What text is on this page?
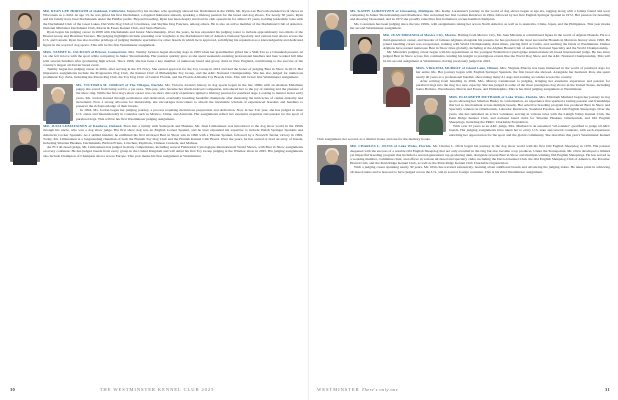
MR. RYAN LEE HORVATH of Oakland, California. Inspired by his mother, who sparingly showed her Dachshund in the 1960s, Mr. Ryan Lee Horvath attended local shows in Wisconsin as a child. At age 13, he was gifted his first Dachshund, a dappled miniature smooth, sparking a lifelong passion for the breed and dog shows. For nearly 30 years, Ryan and his family have bred Dachshunds under the HeMar prefix. Beyond breeding, Ryan has been deeply involved in club operations for almost 25 years, holding leadership roles with the Dachshund Club of the Great Lakes, Del Valle Dog Club of Livermore, and Skyline Dog Fanciers, among others. He is also an active member of the Dachshund Club of America, National Miniature Dachshund Club, Morris & Essex Kennel Club, and Santa Barbara

Ryan began his judging career in 2008 with Dachshunds and Junior Showmanship. Over the years, he has expanded his judging roster to include approximately two-thirds of the Hound Group and Brazilian Terriers. His judging highlights include presiding over longhairs at the Dachshund Club of America National Specialty and various best shows across the U.S. and Canada. Ryan has also had the privilege of judging multiple specialties for other breeds in which he is approved, solidifying his reputation as a knowledgeable and dedicated figure in the world of dog sports. This will be his first Westminster assignment.

MRS. TAMMY K. JACKSON of Bristol, Connecticut. Mrs. Tammy Jackson began showing dogs in 1983 when her grandmother gifted her a Shih Tzu as a Chanukah present. At 14, she fell in love with the sport while competing in Junior Showmanship. Her passion quickly grew as she spent weekends assisting professional handlers and later worked full time with several handlers after graduating high school. Since 1996, she has been a key member of numerous breed and group clubs in New England, contributing to the success of the country's largest all-Terrier breed event.

Tammy began her judging career in 2002, after serving in the US Navy. She earned approval for the Toy Group in 2012 and had the honor of judging Best in Show in 2013. Her impressive assignments include the Progressive Dog Club, the Kennel Club of Philadelphia Toy Group, and the AKC National Championship. She has also judged for numerous prominent Toy clubs, including the Parent Pug Club, the Toy Dog Club of Central Florida, and the Florida Alabama Toy Breeds Club. This will be her first Westminster assignment.

MS. VICTORIA M. JORDAN of The Villages, Florida. Ms. Victoria Jordan's history in dog sports began in the late 1960s with an Alaskan Malamute puppy she saved from being sold to a pet store. This pup, who became her much-beloved companion, introduced her to the joy of training and the pleasure of the show ring. While her first dog's show career was cut short, this early experience ignited a lifelong passion for purebred dogs. Looking to mentor in her early years, Ms. Jordan learned through persistence and dedication, eventually breeding beautiful champions after mastering the intricacies of canine anatomy and movement. Now a strong advocate for mentorship, she encourages newcomers to absorb the invaluable wisdom of experienced breeders and handlers to preserve the rich knowledge of their breeds.

In 1994, Ms. Jordan began her judging journey, a process requiring meticulous preparation and dedication. Now in her 31st year, she has judged in most U.S. states and internationally in countries such as Mexico, China, and Australia. Her assignments reflect her extensive expertise and passion for the sport of purebred dogs. This will be her first Westminster judging assignment.

MR. JUSSI LIIMATAINEN of Kauhava, Finland. Born into a family with Samoyeds and Huskies, Mr. Jussi Liimatainen was introduced to the dog show world in the 1990s through his uncle, who was a dog show judge. His first show dog was an English Cocker Spaniel, and he later expanded his expertise to include Welsh Springer Spaniels and American Cocker Spaniels. As a skilled handler, he exhibited his first all-breed Best in Show win in 1996 with a Tibetan Spaniel, followed by a Norwich Terrier victory in 1999. Today, Mr. Liimatainen is a longstanding chairman of both the Finnish Toy Dog Club and the Finnish Kennel Club Board. Over the years, he has owned or bred an array of breeds, including Siberian Huskies, Dachshunds, Bichon Frises, Löwchen, Papillons, Chinese Cresteds, and Maltese.

An FCI all-breed judge, Mr. Liimatainen has judged in many competitions, including several Fédération Cynologique Internationale World Shows, with Best in Show assignments on every continent. He has judged breeds from every group in the United Kingdom and will debut his first Toy Group judging at the Windsor show in 2025. His judging assignments also include Champion of Champion shows across Europe. This year marks his first assignment at Westminster.

MS. KATHY LORENTZEN of Chesaning, Michigan. Ms. Kathy Lorentzen's journey in the world of dog shows began at age six, tagging along with a family friend and soon competing in Junior Showmanship and Obedience. She welcomed her first Golden Retriever in 1964, followed by her first English Springer Spaniel in 1972. Her passion for breeding and showing blossomed, and in 1972 she proudly raised her first homebred, owner-handled champion.

Ms. Lorentzen has been judging since the late 1990s, with assignments taking her across North America as well as to Australia, China, Japan, and the Philippines. This year marks her second Westminster assignment.

MR. JUAN MIRANDA of Mexico City, Mexico. Hailing from Mexico City, Mr. Juan Miranda is a multibreed figure in the world of Afghan Hounds. He is a third-generation owner, and breeder of famous Afghans alongside his parents, he has produced the most successful Hounds in Mexican history since 1990. He joined handling career was exceptional, training with World Championship dress times, placing third at Crufts, and reaching the finals at Westminster. Dames Afghans have earned numerous Best in Show titles globally, including at the Afghan Hound Club of America National Specialty and the World Championship.

Mr. Miranda's judging career began with his appointment as the youngest Fédération Cynologique Internationale all-breed international judge. He has since judged Best in Show across five continents, lending his insight to prestigious events like the World Dog Show and the AKC National Championship. This will be his second assignment at Westminster, having previously judged in 2022.

MRS. VIRGINIA MURRAY of Island Lake, Illinois. Mrs. Virginia Murray has been immersed in the world of purebred dogs for her entire life. Her journey began with English Springer Spaniels, the first breed she showed. Alongside her husband, Ron, she spent nearly 40 years as a professional handler, showcasing many #1 dogs and earning accolades across the country.

After retiring from handling in 2004, Mrs. Murray transitioned to judging, bringing her extensive experience and passion for purebred dogs into the ring in a new capacity. She has judged at some of the most prestigious dog shows in the United States, including Santa Barbara, Westchester, Morris and Essex, and Philadelphia. This is her third judging assignment at Westminster.

MRS. ELIZABETH MUTHARD of Lake Wales, Florida. Mrs. Elizabeth Muthard began her journey in dog sports showing her Siberian Husky in conformation, an experience that sparked a lasting passion and friendships that led to involvement across multiple breeds. Her selective breeding program has produced Best in Show and Specialty winners in Otterhounds, Labrador Retrievers, Standard Poodles, and Old English Sheepdogs. Over the years, she has remained an active volunteer, serving in various roles with the Lehigh Valley Kennel Club, the Penn Ridge Kennel Club, and national breed clubs for Siberian Huskies, Otterhounds, and Old English Sheepdogs, including the PRKC Charitable Foundation.

With over 25 years as an AKC judge, Mrs. Muthard is an esteemed "all-rounder" qualified to judge all AKC breeds. Her judging assignments have taken her to every U.S. state and several countries, with each experience enriching her appreciation for the sport and the global community. She describes this year's Westminster Kennel Club assignment, her second, as a distinct honor and one for the memory books.

MR. CHARLES L. OLVIS of Lake Wales, Florida. Mr. Charles L. Olvis began his journey in the dog show world with his first Old English Sheepdog in 1970. His passion deepened with the success of a notable Old English Sheepdog that not only excelled in the ring but also became a top producer. Under the Stonepointe, Mr. Olvis developed a limited yet impactful breeding program that included a second-generation top-producing dam, alongside several Best in Show and multiple-winning Old English Sheepdogs. He has served as a working member, committee chair, and officer in various all-breed and specialty clubs, including the Davton Kennel Club, the Old English Sheepdog Club of America, the Potomac Hound Club, and the Penn Ridge Kennel Club, as well as the Penn Ridge Kennel Club Charitable Organization.

With a judging career spanning nearly 30 years, Mr. Olvis has traveled extensively, learning about additional breeds and advancing his judging status. He takes pride in achieving all-breed status and is honored to have judged across the U.S. and in several foreign countries. This is his third Westminster assignment.

30	THE WESTMINSTER KENNEL CLUB 2025	WESTMINSTER There's only one	31
